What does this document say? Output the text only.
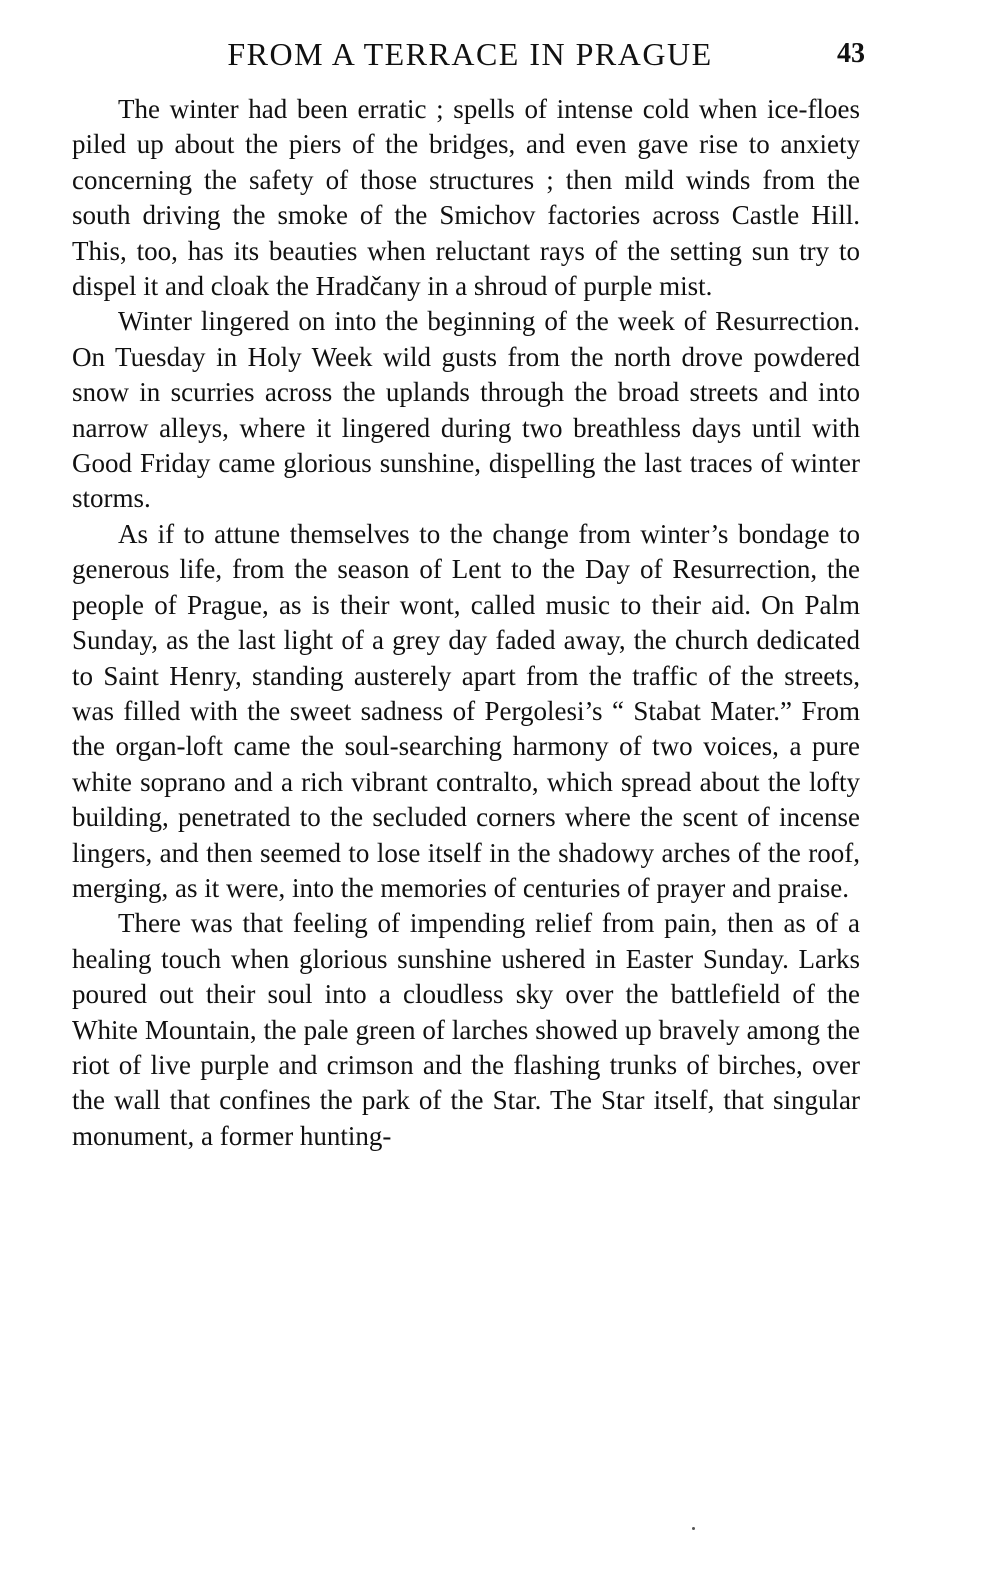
FROM A TERRACE IN PRAGUE	43

The winter had been erratic ; spells of intense cold when ice-floes piled up about the piers of the bridges, and even gave rise to anxiety concerning the safety of those structures ; then mild winds from the south driving the smoke of the Smichov factories across Castle Hill. This, too, has its beauties when reluctant rays of the setting sun try to dispel it and cloak the Hradčany in a shroud of purple mist.

Winter lingered on into the beginning of the week of Resurrection. On Tuesday in Holy Week wild gusts from the north drove powdered snow in scurries across the uplands through the broad streets and into narrow alleys, where it lingered during two breathless days until with Good Friday came glorious sunshine, dispelling the last traces of winter storms.

As if to attune themselves to the change from winter’s bondage to generous life, from the season of Lent to the Day of Resurrection, the people of Prague, as is their wont, called music to their aid. On Palm Sunday, as the last light of a grey day faded away, the church dedicated to Saint Henry, standing austerely apart from the traffic of the streets, was filled with the sweet sadness of Pergolesi’s “ Stabat Mater.” From the organ-loft came the soul-searching harmony of two voices, a pure white soprano and a rich vibrant contralto, which spread about the lofty building, penetrated to the secluded corners where the scent of incense lingers, and then seemed to lose itself in the shadowy arches of the roof, merging, as it were, into the memories of centuries of prayer and praise.

There was that feeling of impending relief from pain, then as of a healing touch when glorious sunshine ushered in Easter Sunday. Larks poured out their soul into a cloudless sky over the battlefield of the White Mountain, the pale green of larches showed up bravely among the riot of live purple and crimson and the flashing trunks of birches, over the wall that confines the park of the Star. The Star itself, that singular monument, a former hunting-
